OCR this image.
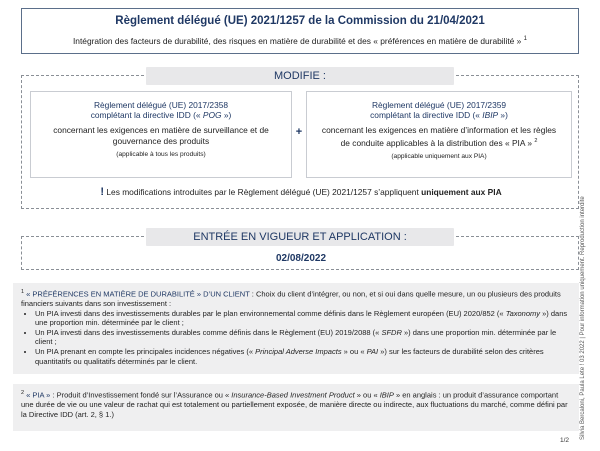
Règlement délégué (UE) 2021/1257 de la Commission du 21/04/2021
Intégration des facteurs de durabilité, des risques en matière de durabilité et des « préférences en matière de durabilité » $^1$
MODIFIE :
Règlement délégué (UE) 2017/2358
complétant la directive IDD (« POG »)
concernant les exigences en matière de surveillance et de gouvernance des produits
(applicable à tous les produits)
+
Règlement délégué (UE) 2017/2359
complétant la directive IDD (« IBIP »)
concernant les exigences en matière d’information et les règles de conduite applicables à la distribution des « PIA » $^2$
(applicable uniquement aux PIA)
! Les modifications introduites par le Règlement délégué (UE) 2021/1257 s’appliquent uniquement aux PIA
ENTRÉE EN VIGUEUR ET APPLICATION :
02/08/2022
$^1$ « PRÉFÉRENCES EN MATIÈRE DE DURABILITÉ » D’UN CLIENT : Choix du client d’intégrer, ou non, et si oui dans quelle mesure, un ou plusieurs des produits financiers suivants dans son investissement :
• Un PIA investi dans des investissements durables par le plan environnemental comme définis dans le Règlement européen (EU) 2020/852 (« Taxonomy ») dans une proportion min. déterminée par le client ;
• Un PIA investi dans des investissements durables comme définis dans le Règlement (EU) 2019/2088 (« SFDR ») dans une proportion min. déterminée par le client ;
• Un PIA prenant en compte les principales incidences négatives (« Principal Adverse Impacts » ou « PAI ») sur les facteurs de durabilité selon des critères quantitatifs ou qualitatifs déterminés par le client.
$^2$ « PIA » : Produit d’Investissement fondé sur l’Assurance ou « Insurance-Based Investment Product » ou « IBIP » en anglais : un produit d’assurance comportant une durée de vie ou une valeur de rachat qui est totalement ou partiellement exposée, de manière directe ou indirecte, aux fluctuations du marché, comme défini par la Directive IDD (art. 2, § 1.)	Silvia Bercaloni, Paula Lete ! 03 2022 | Pour information uniquement. Reproduction interdite
1/2
